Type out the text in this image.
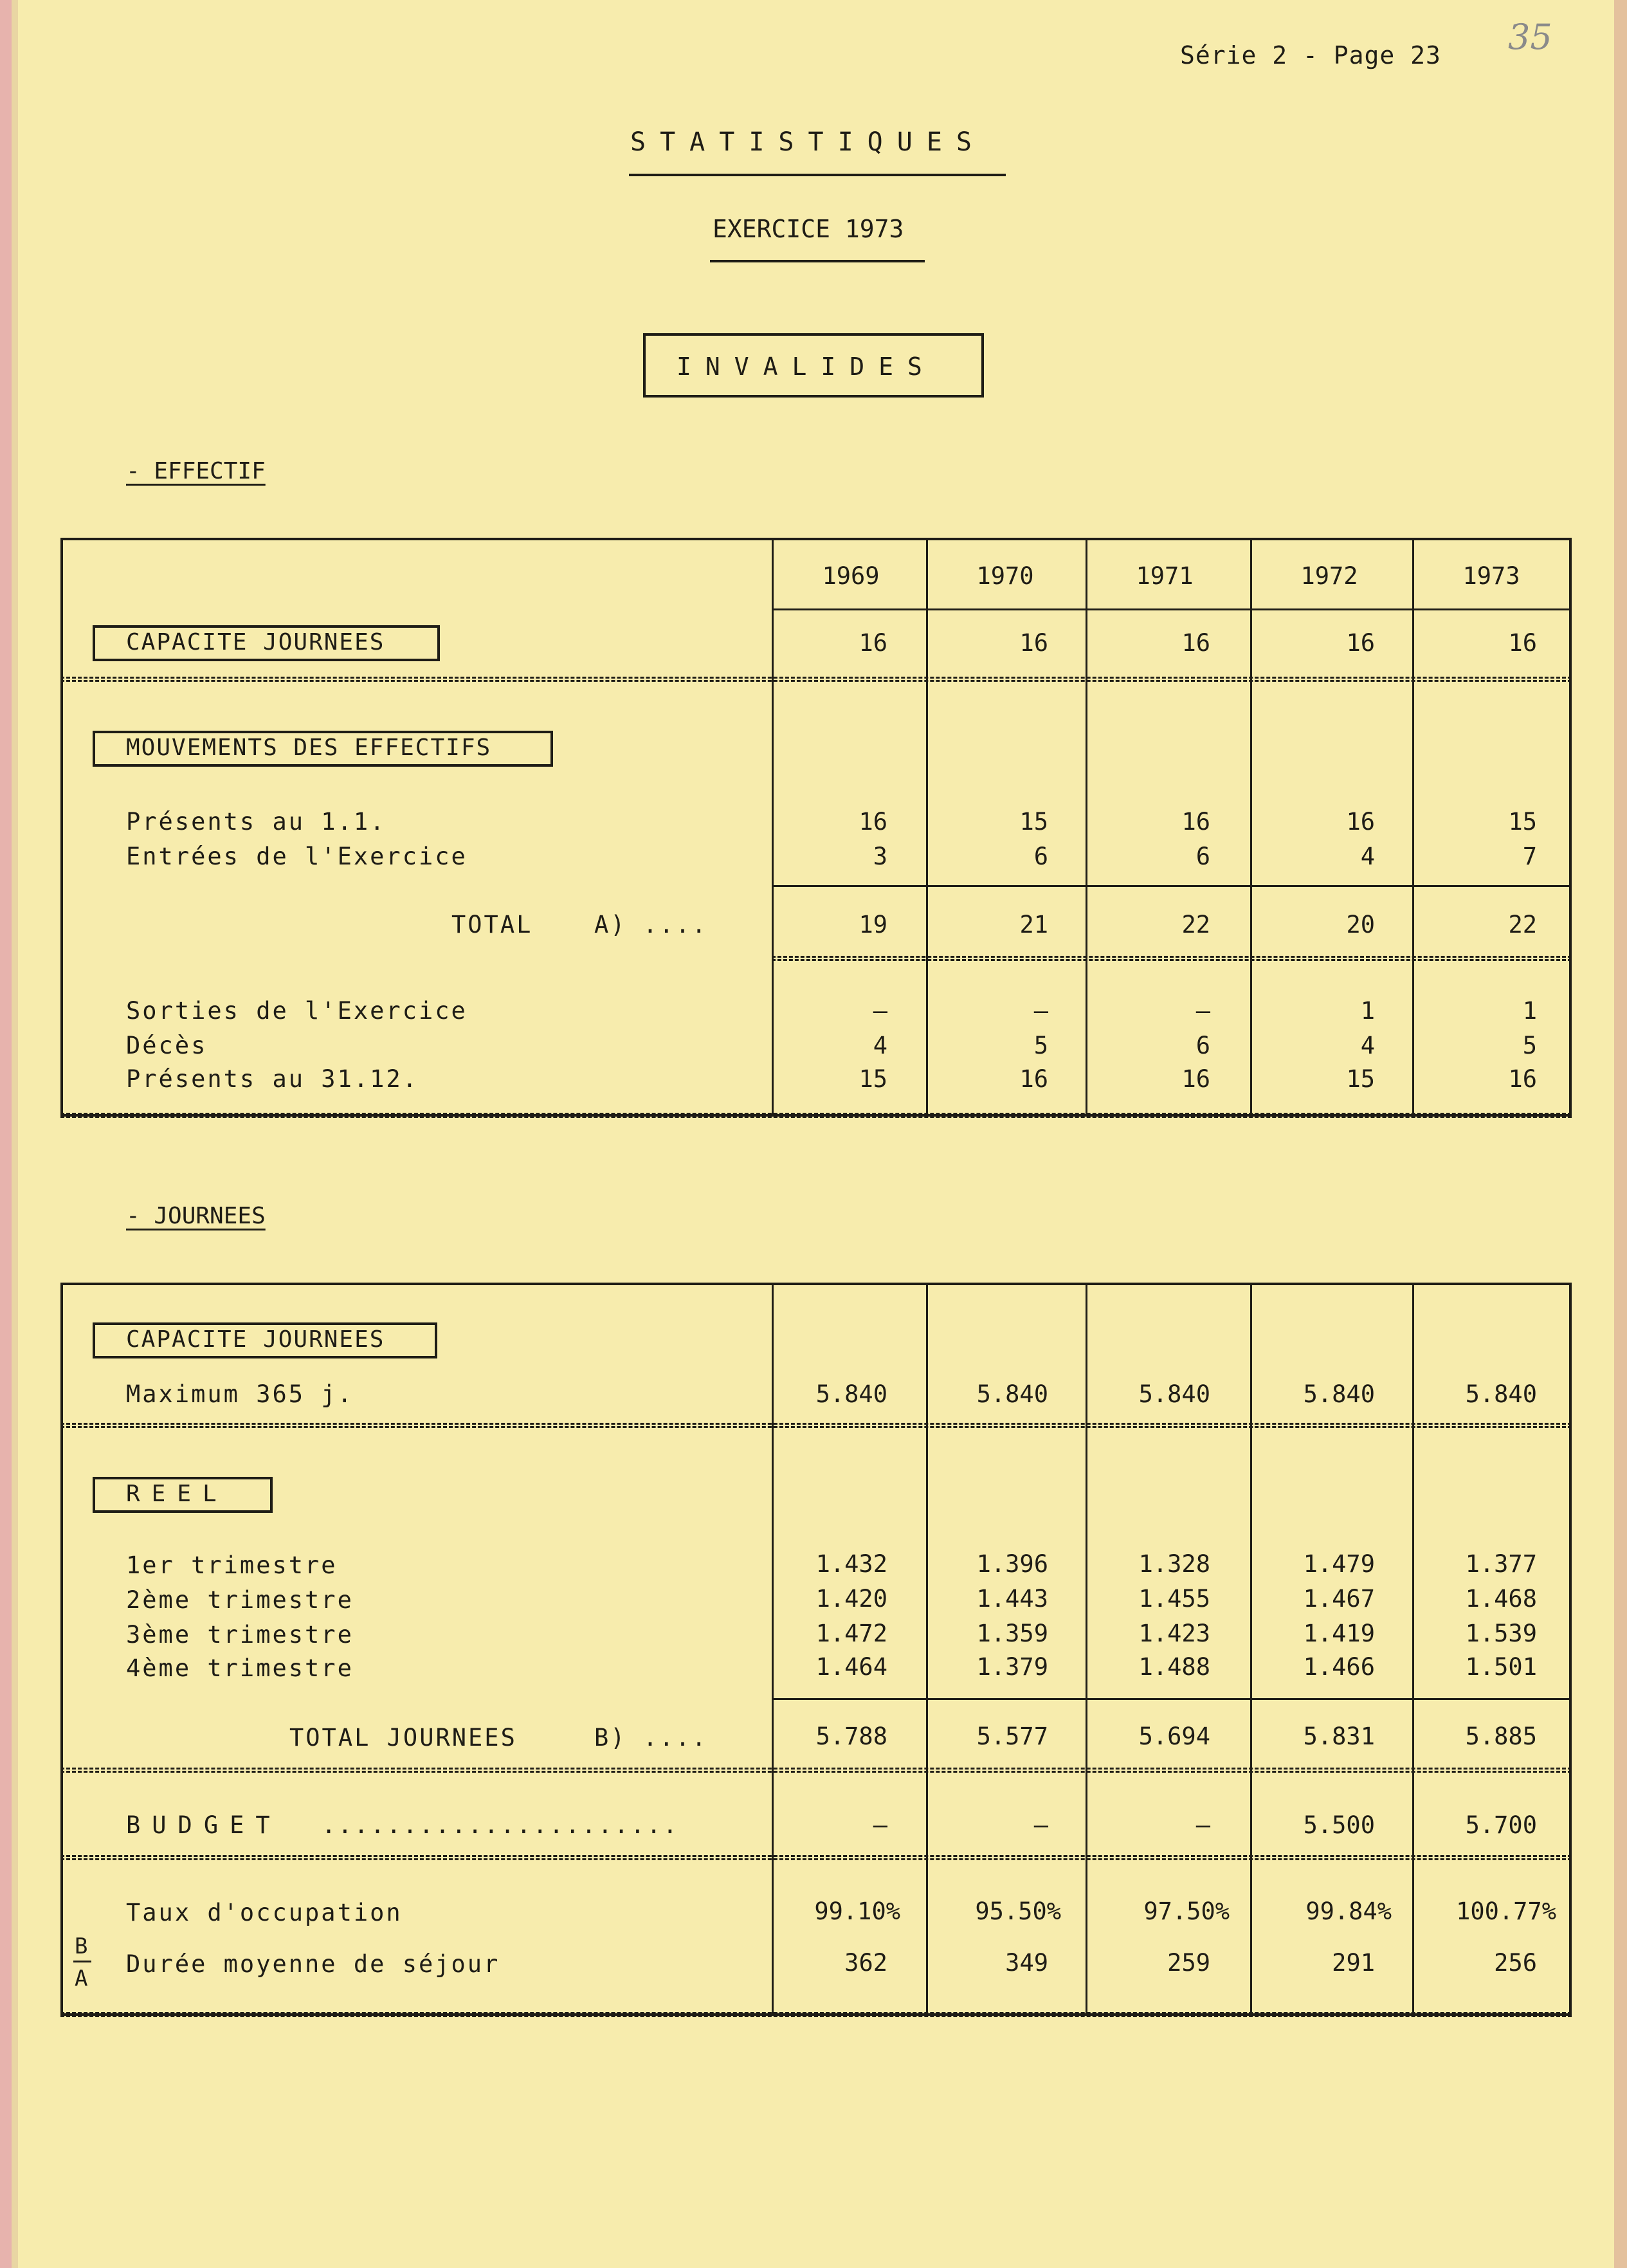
Série 2 - Page 23 35
STATISTIQUES
EXERCICE 1973
INVALIDES
- EFFECTIF
1969	1970	1971	1972	1973
CAPACITE JOURNEES	16	16	16	16	16
MOUVEMENTS DES EFFECTIFS
Présents au 1.1.	16	15	16	16	15
Entrées de l'Exercice	3	6	6	4	7
TOTAL	A) ....	19	21	22	20	22
Sorties de l'Exercice	–	–	–	1	1
Décès	4	5	6	4	5
Présents au 31.12.	15	16	16	15	16
- JOURNEES
CAPACITE JOURNEES
Maximum 365 j.	5.840	5.840	5.840	5.840	5.840
REEL
1er trimestre	1.432	1.396	1.328	1.479	1.377
2ème trimestre	1.420	1.443	1.455	1.467	1.468
3ème trimestre	1.472	1.359	1.423	1.419	1.539
4ème trimestre	1.464	1.379	1.488	1.466	1.501
TOTAL JOURNEES	B) ....	5.788	5.577	5.694	5.831	5.885
BUDGET ......................	–	–	–	5.500	5.700
Taux d'occupation	99.10%	95.50%	97.50%	99.84%	100.77%
B
A
Durée moyenne de séjour	362	349	259	291	256
